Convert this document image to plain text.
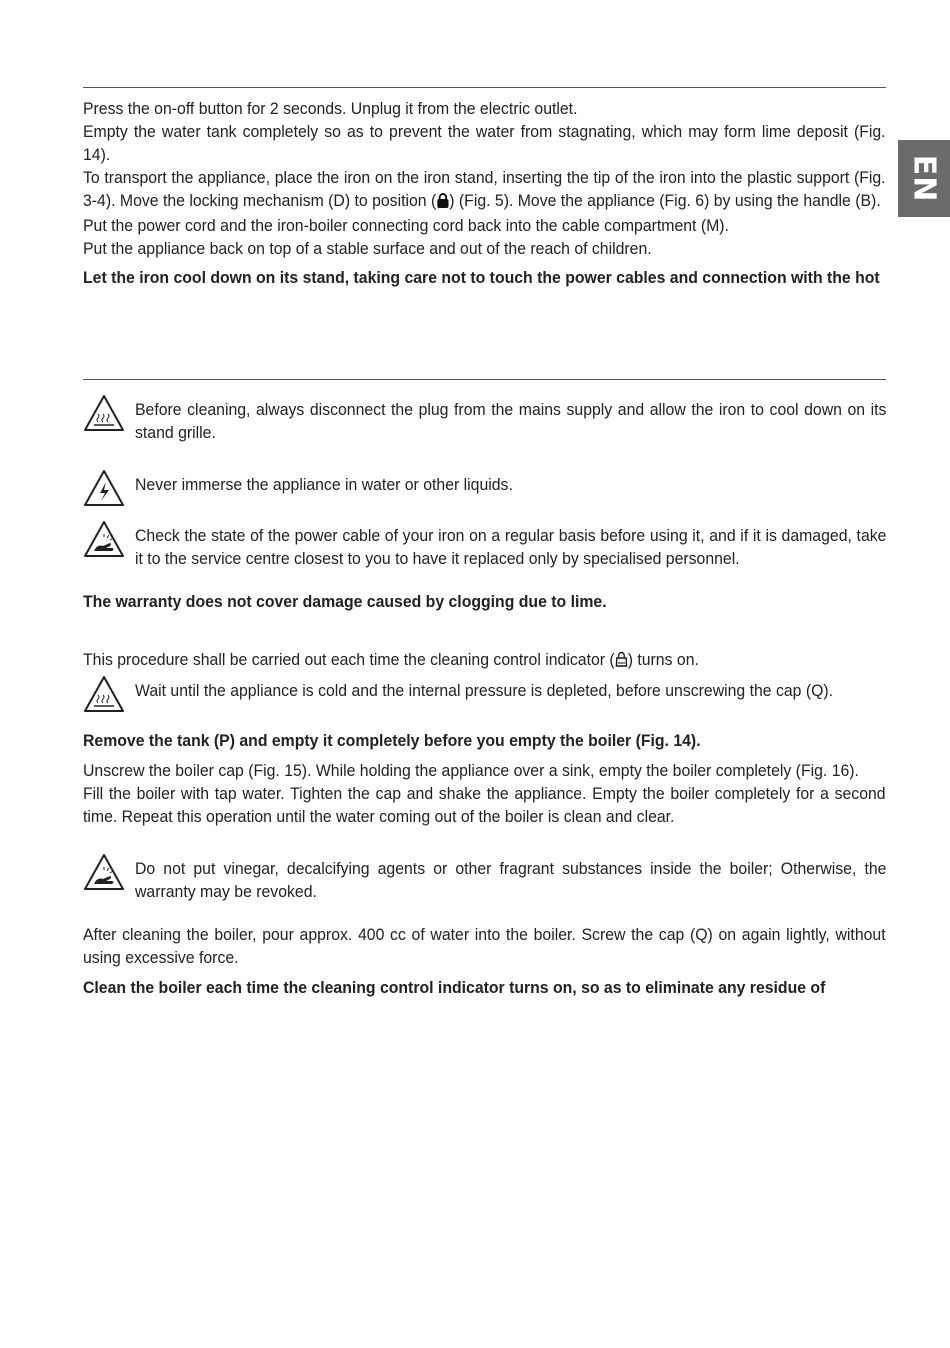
EN

Press the on-off button for 2 seconds. Unplug it from the electric outlet.

Empty the water tank completely so as to prevent the water from stagnating, which may form lime deposit (Fig. 14).

To transport the appliance, place the iron on the iron stand, inserting the tip of the iron into the plastic support (Fig. 3-4). Move the locking mechanism (D) to position ( ) (Fig. 5). Move the appliance (Fig. 6) by using the handle (B).

Put the power cord and the iron-boiler connecting cord back into the cable compartment (M).

Put the appliance back on top of a stable surface and out of the reach of children.

Let the iron cool down on its stand, taking care not to touch the power cables and connection with the hot

Before cleaning, always disconnect the plug from the mains supply and allow the iron to cool down on its stand grille.

Never immerse the appliance in water or other liquids.

Check the state of the power cable of your iron on a regular basis before using it, and if it is damaged, take it to the service centre closest to you to have it replaced only by specialised personnel.

The warranty does not cover damage caused by clogging due to lime.

This procedure shall be carried out each time the cleaning control indicator ( ) turns on.

Wait until the appliance is cold and the internal pressure is depleted, before unscrewing the cap (Q).

Remove the tank (P) and empty it completely before you empty the boiler (Fig. 14).

Unscrew the boiler cap (Fig. 15). While holding the appliance over a sink, empty the boiler completely (Fig. 16).

Fill the boiler with tap water. Tighten the cap and shake the appliance. Empty the boiler completely for a second time. Repeat this operation until the water coming out of the boiler is clean and clear.

Do not put vinegar, decalcifying agents or other fragrant substances inside the boiler; Otherwise, the warranty may be revoked.

After cleaning the boiler, pour approx. 400 cc of water into the boiler. Screw the cap (Q) on again lightly, without using excessive force.

Clean the boiler each time the cleaning control indicator turns on, so as to eliminate any residue of
